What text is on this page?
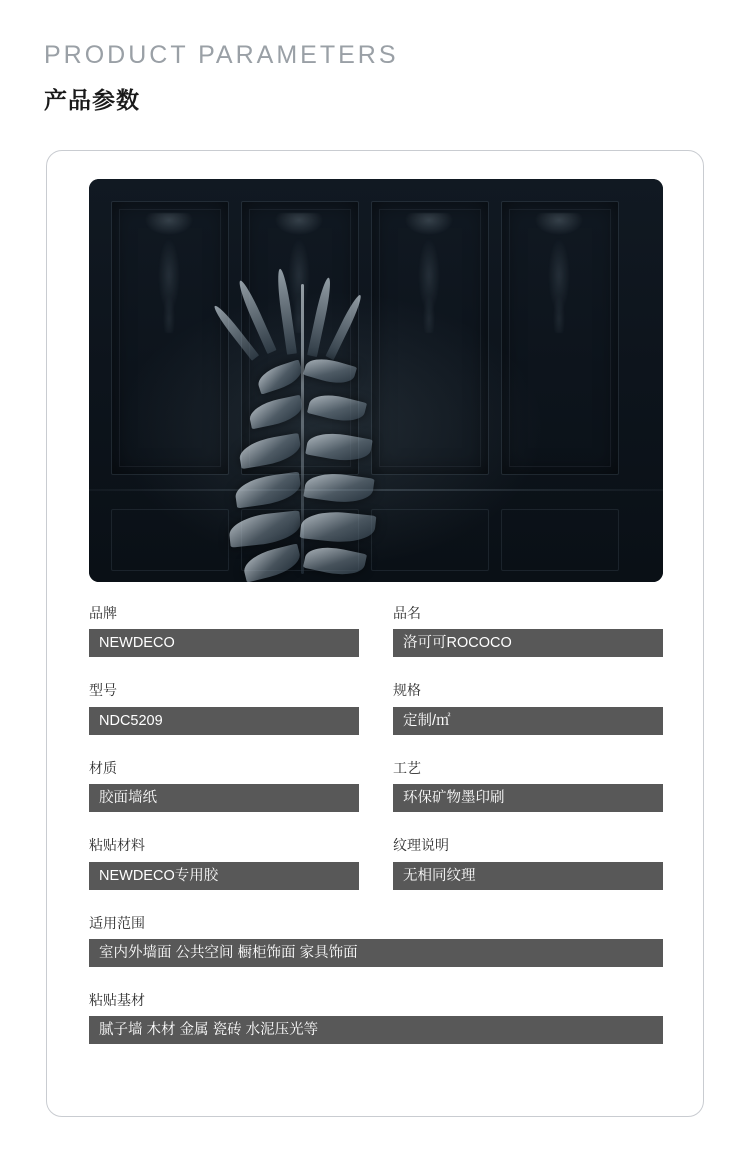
PRODUCT PARAMETERS
产品参数
品牌
NEWDECO
品名
洛可可ROCOCO
型号
NDC5209
规格
定制/㎡
材质
胶面墙纸
工艺
环保矿物墨印刷
粘贴材料
NEWDECO专用胶
纹理说明
无相同纹理
适用范围
室内外墙面 公共空间 橱柜饰面 家具饰面
粘贴基材
腻子墙 木材 金属 瓷砖 水泥压光等
